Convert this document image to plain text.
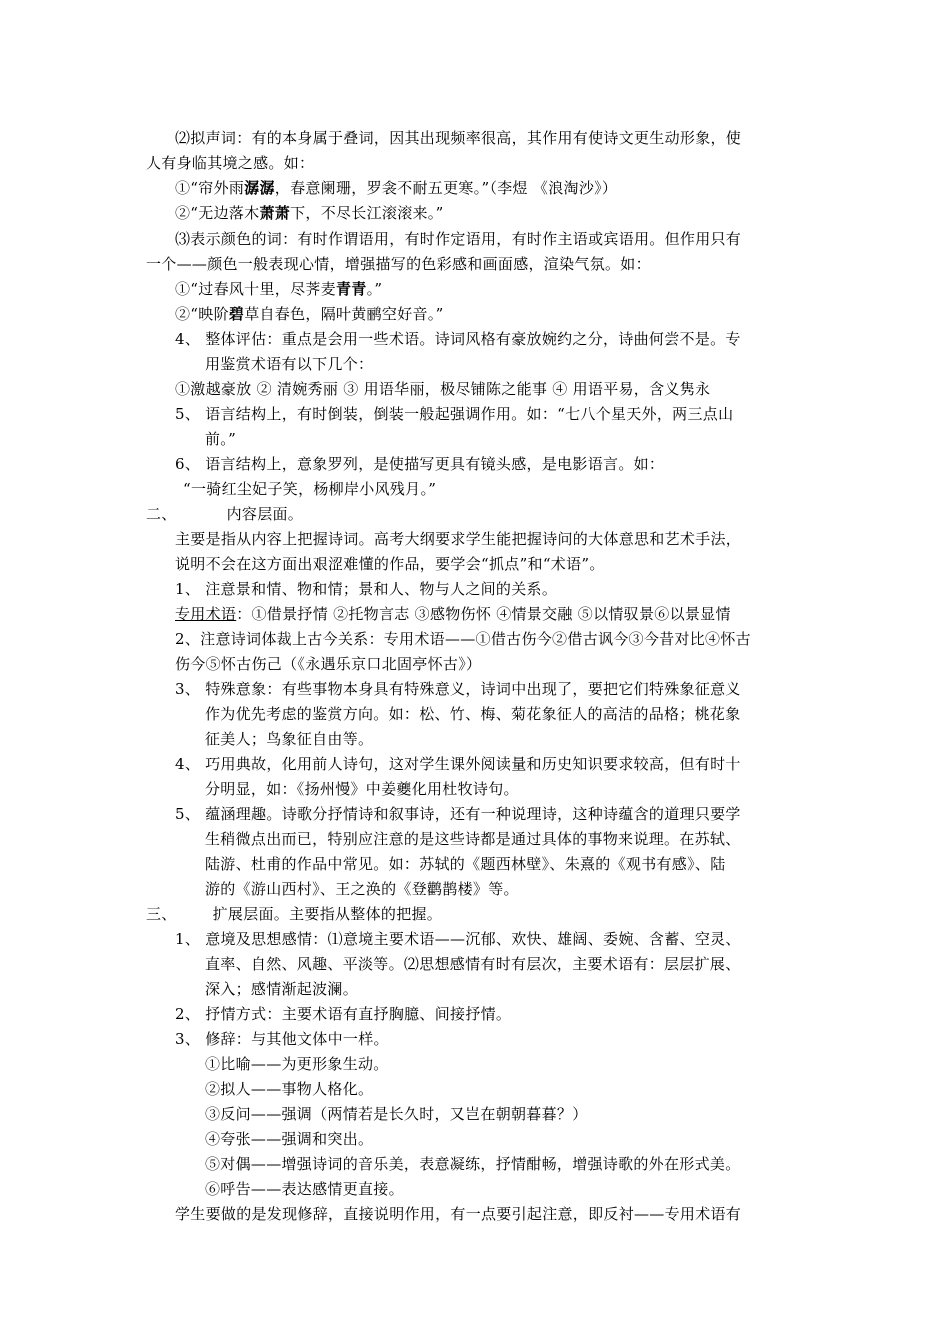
⑵拟声词：有的本身属于叠词，因其出现频率很高，其作用有使诗文更生动形象，使
人有身临其境之感。如：
①“帘外雨潺潺，春意阑珊，罗衾不耐五更寒。”（李煜 《浪淘沙》）
②“无边落木萧萧下，不尽长江滚滚来。”
⑶表示颜色的词：有时作谓语用，有时作定语用，有时作主语或宾语用。但作用只有
一个——颜色一般表现心情，增强描写的色彩感和画面感，渲染气氛。如：
①“过春风十里，尽荠麦青青。”
②“映阶碧草自春色，隔叶黄鹂空好音。”
4、 整体评估：重点是会用一些术语。诗词风格有豪放婉约之分，诗曲何尝不是。专
用鉴赏术语有以下几个：
①激越豪放 ② 清婉秀丽 ③ 用语华丽，极尽铺陈之能事 ④ 用语平易，含义隽永
5、 语言结构上，有时倒装，倒装一般起强调作用。如：“七八个星天外，两三点山
前。”
6、 语言结构上，意象罗列，是使描写更具有镜头感，是电影语言。如：
“一骑红尘妃子笑，杨柳岸小风残月。”
二、	内容层面。
主要是指从内容上把握诗词。高考大纲要求学生能把握诗问的大体意思和艺术手法，
说明不会在这方面出艰涩难懂的作品，要学会“抓点”和“术语”。
1、 注意景和情、物和情；景和人、物与人之间的关系。
专用术语：①借景抒情 ②托物言志 ③感物伤怀 ④情景交融 ⑤以情驭景⑥以景显情
2、注意诗词体裁上古今关系：专用术语——①借古伤今②借古讽今③今昔对比④怀古
伤今⑤怀古伤己（《永遇乐京口北固亭怀古》）
3、 特殊意象：有些事物本身具有特殊意义，诗词中出现了，要把它们特殊象征意义
作为优先考虑的鉴赏方向。如：松、竹、梅、菊花象征人的高洁的品格；桃花象
征美人；鸟象征自由等。
4、 巧用典故，化用前人诗句，这对学生课外阅读量和历史知识要求较高，但有时十
分明显，如：《扬州慢》中姜夔化用杜牧诗句。
5、 蕴涵理趣。诗歌分抒情诗和叙事诗，还有一种说理诗，这种诗蕴含的道理只要学
生稍微点出而已，特别应注意的是这些诗都是通过具体的事物来说理。在苏轼、
陆游、杜甫的作品中常见。如：苏轼的《题西林壁》、朱熹的《观书有感》、陆
游的《游山西村》、王之涣的《登鹳鹊楼》等。
三、 扩展层面。主要指从整体的把握。
1、 意境及思想感情：⑴意境主要术语——沉郁、欢快、雄阔、委婉、含蓄、空灵、
直率、自然、风趣、平淡等。⑵思想感情有时有层次，主要术语有：层层扩展、
深入；感情渐起波澜。
2、 抒情方式：主要术语有直抒胸臆、间接抒情。
3、 修辞：与其他文体中一样。
①比喻——为更形象生动。
②拟人——事物人格化。
③反问——强调（两情若是长久时，又岂在朝朝暮暮？）
④夸张——强调和突出。
⑤对偶——增强诗词的音乐美，表意凝练，抒情酣畅，增强诗歌的外在形式美。
⑥呼告——表达感情更直接。
学生要做的是发现修辞，直接说明作用，有一点要引起注意，即反衬——专用术语有
